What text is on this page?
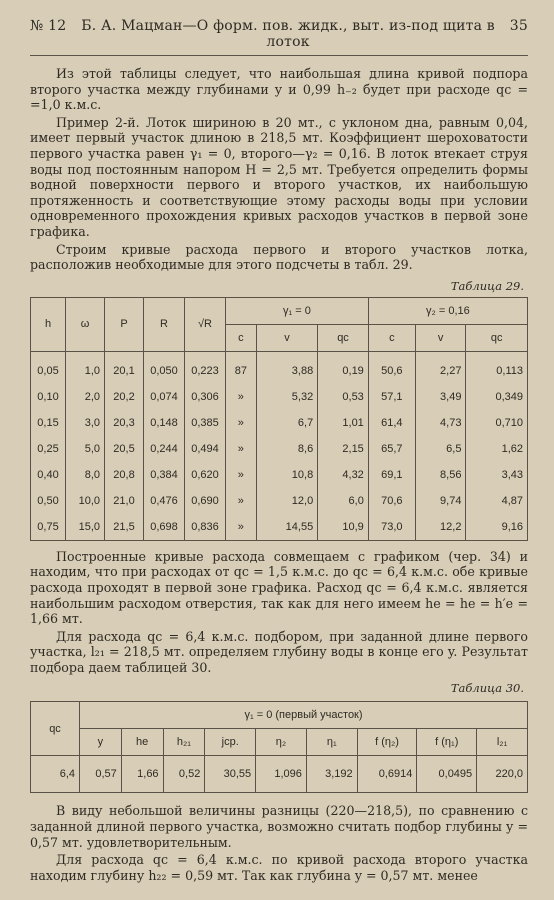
№ 12	Б. А. Мацман—О форм. пов. жидк., выт. из-под щита в лоток
35

Из этой таблицы следует, что наибольшая длина кривой подпора второго участка между глубинами y и 0,99 h₋₂ будет при расходе qс = =1,0 к.м.с.

Пример 2-й. Лоток шириною в 20 мт., с уклоном дна, равным 0,04, имеет первый участок длиною в 218,5 мт. Коэффициент шероховатости первого участка равен γ₁ = 0, второго—γ₂ = 0,16. В лоток втекает струя воды под постоянным напором H = 2,5 мт. Требуется определить формы водной поверхности первого и второго участков, их наибольшую протяженность и соответствующие этому расходы воды при условии одновременного прохождения кривых расходов участков в первой зоне графика.

Строим кривые расхода первого и второго участков лотка, расположив необходимые для этого подсчеты в табл. 29.

Таблица 29.
h	ω	P	R	√R	γ₁ = 0			γ₂ = 0,16		
					c	v	qс	c	v	qс
0,05	1,0	20,1	0,050	0,223	87	3,88	0,19	50,6	2,27	0,113
0,10	2,0	20,2	0,074	0,306	»	5,32	0,53	57,1	3,49	0,349
0,15	3,0	20,3	0,148	0,385	»	6,7	1,01	61,4	4,73	0,710
0,25	5,0	20,5	0,244	0,494	»	8,6	2,15	65,7	6,5	1,62
0,40	8,0	20,8	0,384	0,620	»	10,8	4,32	69,1	8,56	3,43
0,50	10,0	21,0	0,476	0,690	»	12,0	6,0	70,6	9,74	4,87
0,75	15,0	21,5	0,698	0,836	»	14,55	10,9	73,0	12,2	9,16

Построенные кривые расхода совмещаем с графиком (чер. 34) и находим, что при расходах от qс = 1,5 к.м.с. до qс = 6,4 к.м.с. обе кривые расхода проходят в первой зоне графика. Расход qс = 6,4 к.м.с. является наибольшим расходом отверстия, так как для него имеем hе = hе = h′е = 1,66 мт.

Для расхода qс = 6,4 к.м.с. подбором, при заданной длине первого участка, l₂₁ = 218,5 мт. определяем глубину воды в конце его y. Результат подбора даем таблицей 30.

Таблица 30.
qс	γ₁ = 0 (первый участок)								
	y	hе	h₂₁	jср.	η₂	η₁	f (η₂)	f (η₁)	l₂₁
6,4	0,57	1,66	0,52	30,55	1,096	3,192	0,6914	0,0495	220,0

В виду небольшой величины разницы (220—218,5), по сравнению с заданной длиной первого участка, возможно считать подбор глубины y = 0,57 мт. удовлетворительным.

Для расхода qс = 6,4 к.м.с. по кривой расхода второго участка находим глубину h₂₂ = 0,59 мт. Так как глубина y = 0,57 мт. менее
